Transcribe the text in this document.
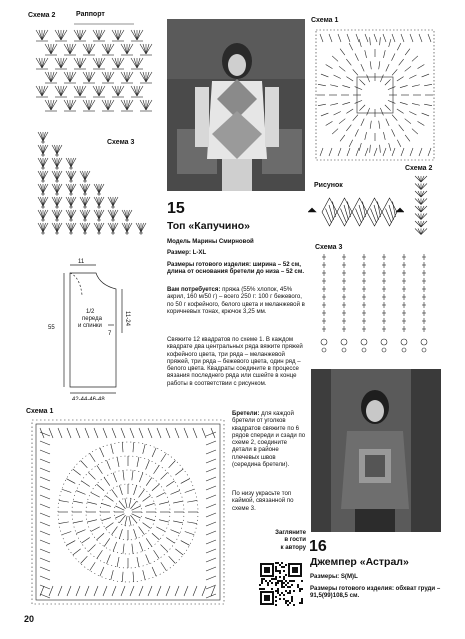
Схема 2	Раппорт
Схема 3
11
11-24
7
55
1/2
переда
и спинки
42-44-46-48
Схема 1
20
15
Топ «Капучино»
Модель Марины Смирновой
Размер: L-XL
Размеры готового изделия: ширина – 52 см, длина от основания бретели до низа – 52 см.
Вам потребуется: пряжа (55% хлопок, 45% акрил, 160 м/50 г) – всего 250 г: 100 г бежевого, по 50 г кофейного, белого цвета и меланжевой в коричневых тонах, крючок 3,25 мм.
Свяжите 12 квадратов по схеме 1. В каждом квадрате два центральных ряда вяжите пряжей кофейного цвета, три ряда – меланжевой пряжей, три ряда – бежевого цвета, один ряд – белого цвета. Квадраты соедините в процессе вязания последнего ряда или сшейте в конце работы в соответствии с рисунком.
Бретели: для каждой бретели от уголков квадратов свяжите по 6 рядов спереди и сзади по схеме 2, соедините детали в районе плечевых швов (середина бретели).
По низу украсьте топ каймой, связанной по схеме 3.
Загляните
в гости
к автору
Схема 1
Схема 2
Рисунок
Схема 3
16
Джемпер «Астрал»
Размеры: S(M)L
Размеры готового изделия: обхват груди – 91,5(99)108,5 см.
